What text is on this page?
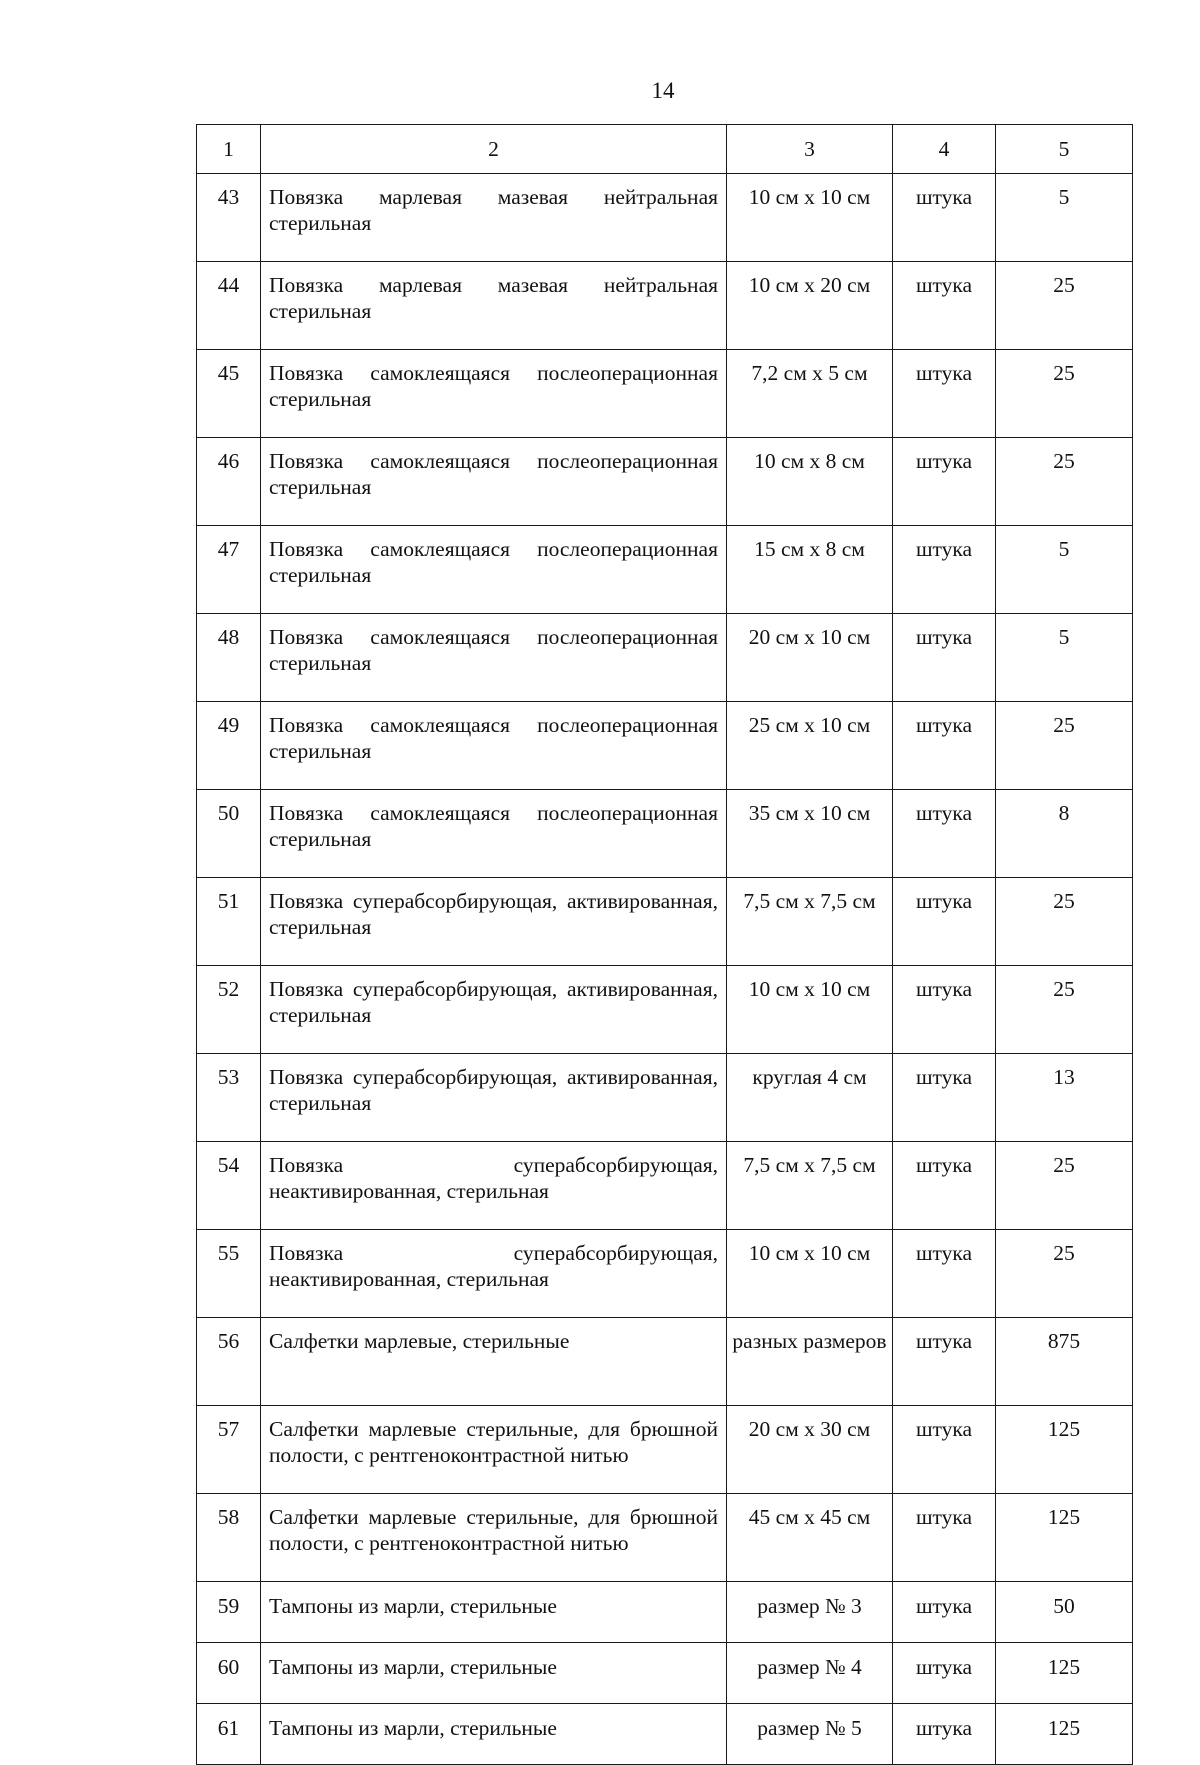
14
1	2	3	4	5
43	Повязка марлевая мазевая нейтральная стерильная	10 см х 10 см	штука	5
44	Повязка марлевая мазевая нейтральная стерильная	10 см х 20 см	штука	25
45	Повязка самоклеящаяся послеоперационная стерильная	7,2 см х 5 см	штука	25
46	Повязка самоклеящаяся послеоперационная стерильная	10 см х 8 см	штука	25
47	Повязка самоклеящаяся послеоперационная стерильная	15 см х 8 см	штука	5
48	Повязка самоклеящаяся послеоперационная стерильная	20 см х 10 см	штука	5
49	Повязка самоклеящаяся послеоперационная стерильная	25 см х 10 см	штука	25
50	Повязка самоклеящаяся послеоперационная стерильная	35 см х 10 см	штука	8
51	Повязка суперабсорбирующая, активированная, стерильная	7,5 см х 7,5 см	штука	25
52	Повязка суперабсорбирующая, активированная, стерильная	10 см х 10 см	штука	25
53	Повязка суперабсорбирующая, активированная, стерильная	круглая 4 см	штука	13
54	Повязка суперабсорбирующая, неактивированная, стерильная	7,5 см х 7,5 см	штука	25
55	Повязка суперабсорбирующая, неактивированная, стерильная	10 см х 10 см	штука	25
56	Салфетки марлевые, стерильные	разных размеров	штука	875
57	Салфетки марлевые стерильные, для брюшной полости, с рентгеноконтрастной нитью	20 см х 30 см	штука	125
58	Салфетки марлевые стерильные, для брюшной полости, с рентгеноконтрастной нитью	45 см х 45 см	штука	125
59	Тампоны из марли, стерильные	размер № 3	штука	50
60	Тампоны из марли, стерильные	размер № 4	штука	125
61	Тампоны из марли, стерильные	размер № 5	штука	125
